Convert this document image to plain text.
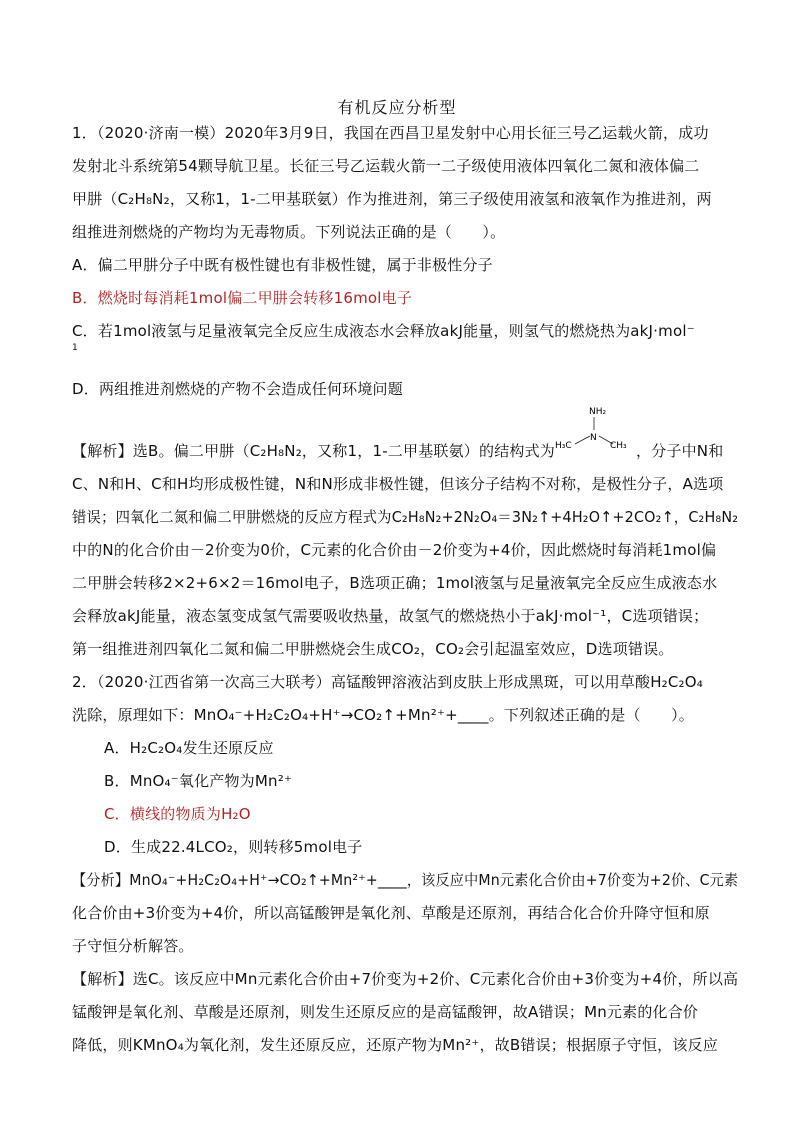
有机反应分析型
1．（2020·济南一模）2020年3月9日，我国在西昌卫星发射中心用长征三号乙运载火箭，成功
发射北斗系统第54颗导航卫星。长征三号乙运载火箭一二子级使用液体四氧化二氮和液体偏二
甲肼（C₂H₈N₂，又称1，1-二甲基联氨）作为推进剂，第三子级使用液氢和液氧作为推进剂，两
组推进剂燃烧的产物均为无毒物质。下列说法正确的是（　　）。
A．偏二甲肼分子中既有极性键也有非极性键，属于非极性分子
B．燃烧时每消耗1mol偏二甲肼会转移16mol电子
C．若1mol液氢与足量液氧完全反应生成液态水会释放akJ能量，则氢气的燃烧热为akJ·mol⁻
1
D．两组推进剂燃烧的产物不会造成任何环境问题
【解析】选B。偏二甲肼（C₂H₈N₂，又称1，1-二甲基联氨）的结构式为
NH₂
N
H₃C	CH₃ ，分子中N和
C、N和H、C和H均形成极性键，N和N形成非极性键，但该分子结构不对称，是极性分子，A选项
错误；四氧化二氮和偏二甲肼燃烧的反应方程式为C₂H₈N₂+2N₂O₄＝3N₂↑+4H₂O↑+2CO₂↑，C₂H₈N₂
中的N的化合价由－2价变为0价，C元素的化合价由－2价变为+4价，因此燃烧时每消耗1mol偏
二甲肼会转移2×2+6×2＝16mol电子，B选项正确；1mol液氢与足量液氧完全反应生成液态水
会释放akJ能量，液态氢变成氢气需要吸收热量，故氢气的燃烧热小于akJ·mol⁻¹，C选项错误；
第一组推进剂四氧化二氮和偏二甲肼燃烧会生成CO₂，CO₂会引起温室效应，D选项错误。
2．（2020·江西省第一次高三大联考）高锰酸钾溶液沾到皮肤上形成黑斑，可以用草酸H₂C₂O₄
洗除，原理如下：MnO₄⁻+H₂C₂O₄+H⁺→CO₂↑+Mn²⁺+____。下列叙述正确的是（　　）。
A．H₂C₂O₄发生还原反应
B．MnO₄⁻氧化产物为Mn²⁺
C．横线的物质为H₂O
D．生成22.4LCO₂，则转移5mol电子
【分析】MnO₄⁻+H₂C₂O₄+H⁺→CO₂↑+Mn²⁺+____，该反应中Mn元素化合价由+7价变为+2价、C元素
化合价由+3价变为+4价，所以高锰酸钾是氧化剂、草酸是还原剂，再结合化合价升降守恒和原
子守恒分析解答。
【解析】选C。该反应中Mn元素化合价由+7价变为+2价、C元素化合价由+3价变为+4价，所以高
锰酸钾是氧化剂、草酸是还原剂，则发生还原反应的是高锰酸钾，故A错误；Mn元素的化合价
降低，则KMnO₄为氧化剂，发生还原反应，还原产物为Mn²⁺，故B错误；根据原子守恒，该反应
